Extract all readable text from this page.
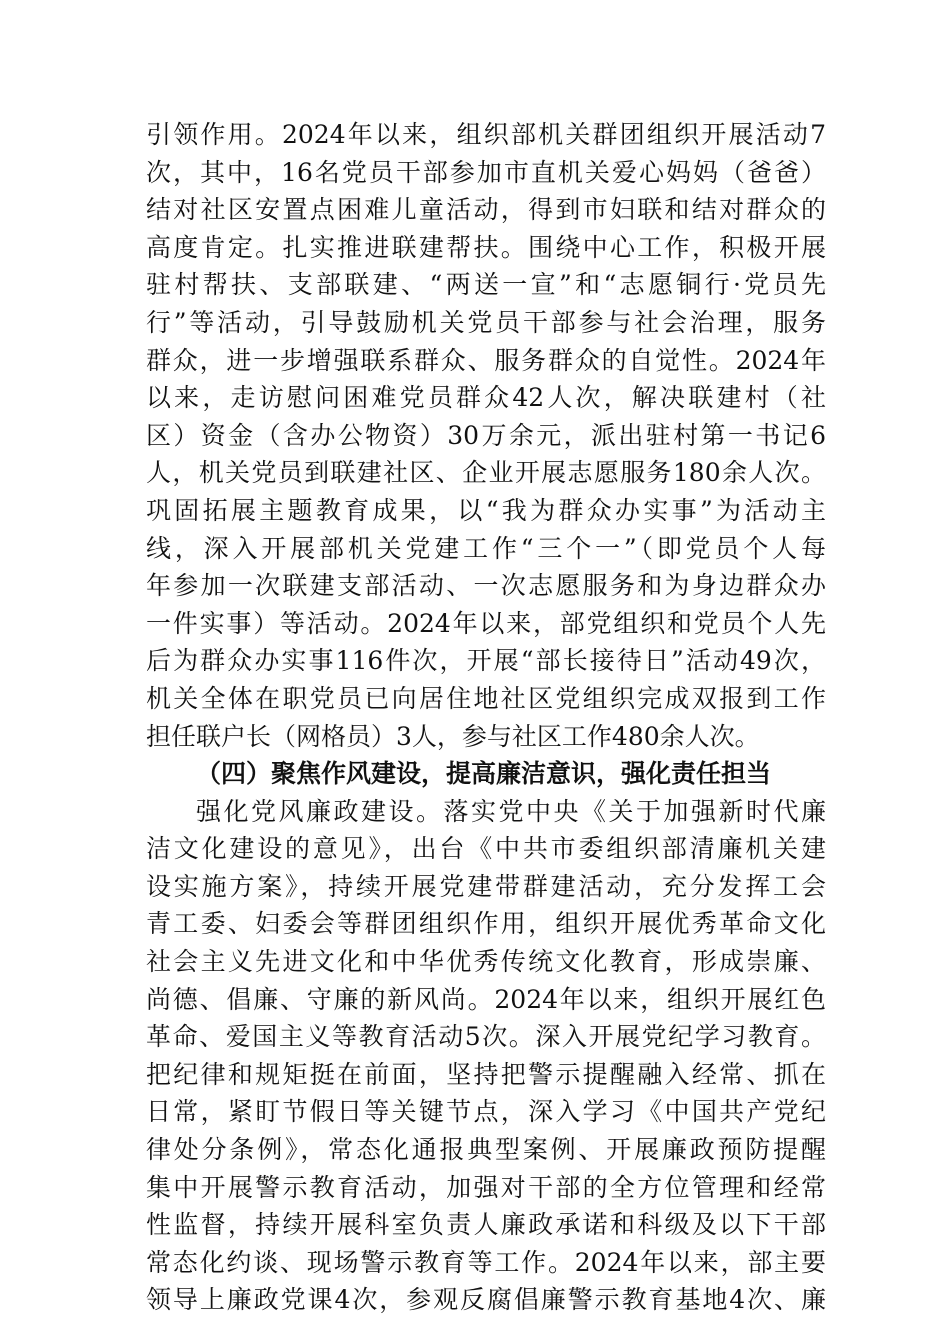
引领作用。2024年以来，组织部机关群团组织开展活动7
次，其中，16名党员干部参加市直机关爱心妈妈（爸爸）
结对社区安置点困难儿童活动，得到市妇联和结对群众的
高度肯定。扎实推进联建帮扶。围绕中心工作，积极开展
驻村帮扶、支部联建、“两送一宣”和“志愿铜行·党员先
行”等活动，引导鼓励机关党员干部参与社会治理，服务
群众，进一步增强联系群众、服务群众的自觉性。2024年
以来，走访慰问困难党员群众42人次，解决联建村（社
区）资金（含办公物资）30万余元，派出驻村第一书记6
人，机关党员到联建社区、企业开展志愿服务180余人次。
巩固拓展主题教育成果，以“我为群众办实事”为活动主
线，深入开展部机关党建工作“三个一”（即党员个人每
年参加一次联建支部活动、一次志愿服务和为身边群众办
一件实事）等活动。2024年以来，部党组织和党员个人先
后为群众办实事116件次，开展“部长接待日”活动49次，
机关全体在职党员已向居住地社区党组织完成双报到工作
担任联户长（网格员）3人，参与社区工作480余人次。
（四）聚焦作风建设，提高廉洁意识，强化责任担当
强化党风廉政建设。落实党中央《关于加强新时代廉
洁文化建设的意见》，出台《中共市委组织部清廉机关建
设实施方案》，持续开展党建带群建活动，充分发挥工会
青工委、妇委会等群团组织作用，组织开展优秀革命文化
社会主义先进文化和中华优秀传统文化教育，形成崇廉、
尚德、倡廉、守廉的新风尚。2024年以来，组织开展红色
革命、爱国主义等教育活动5次。深入开展党纪学习教育。
把纪律和规矩挺在前面，坚持把警示提醒融入经常、抓在
日常，紧盯节假日等关键节点，深入学习《中国共产党纪
律处分条例》，常态化通报典型案例、开展廉政预防提醒
集中开展警示教育活动，加强对干部的全方位管理和经常
性监督，持续开展科室负责人廉政承诺和科级及以下干部
常态化约谈、现场警示教育等工作。2024年以来，部主要
领导上廉政党课4次，参观反腐倡廉警示教育基地4次、廉
